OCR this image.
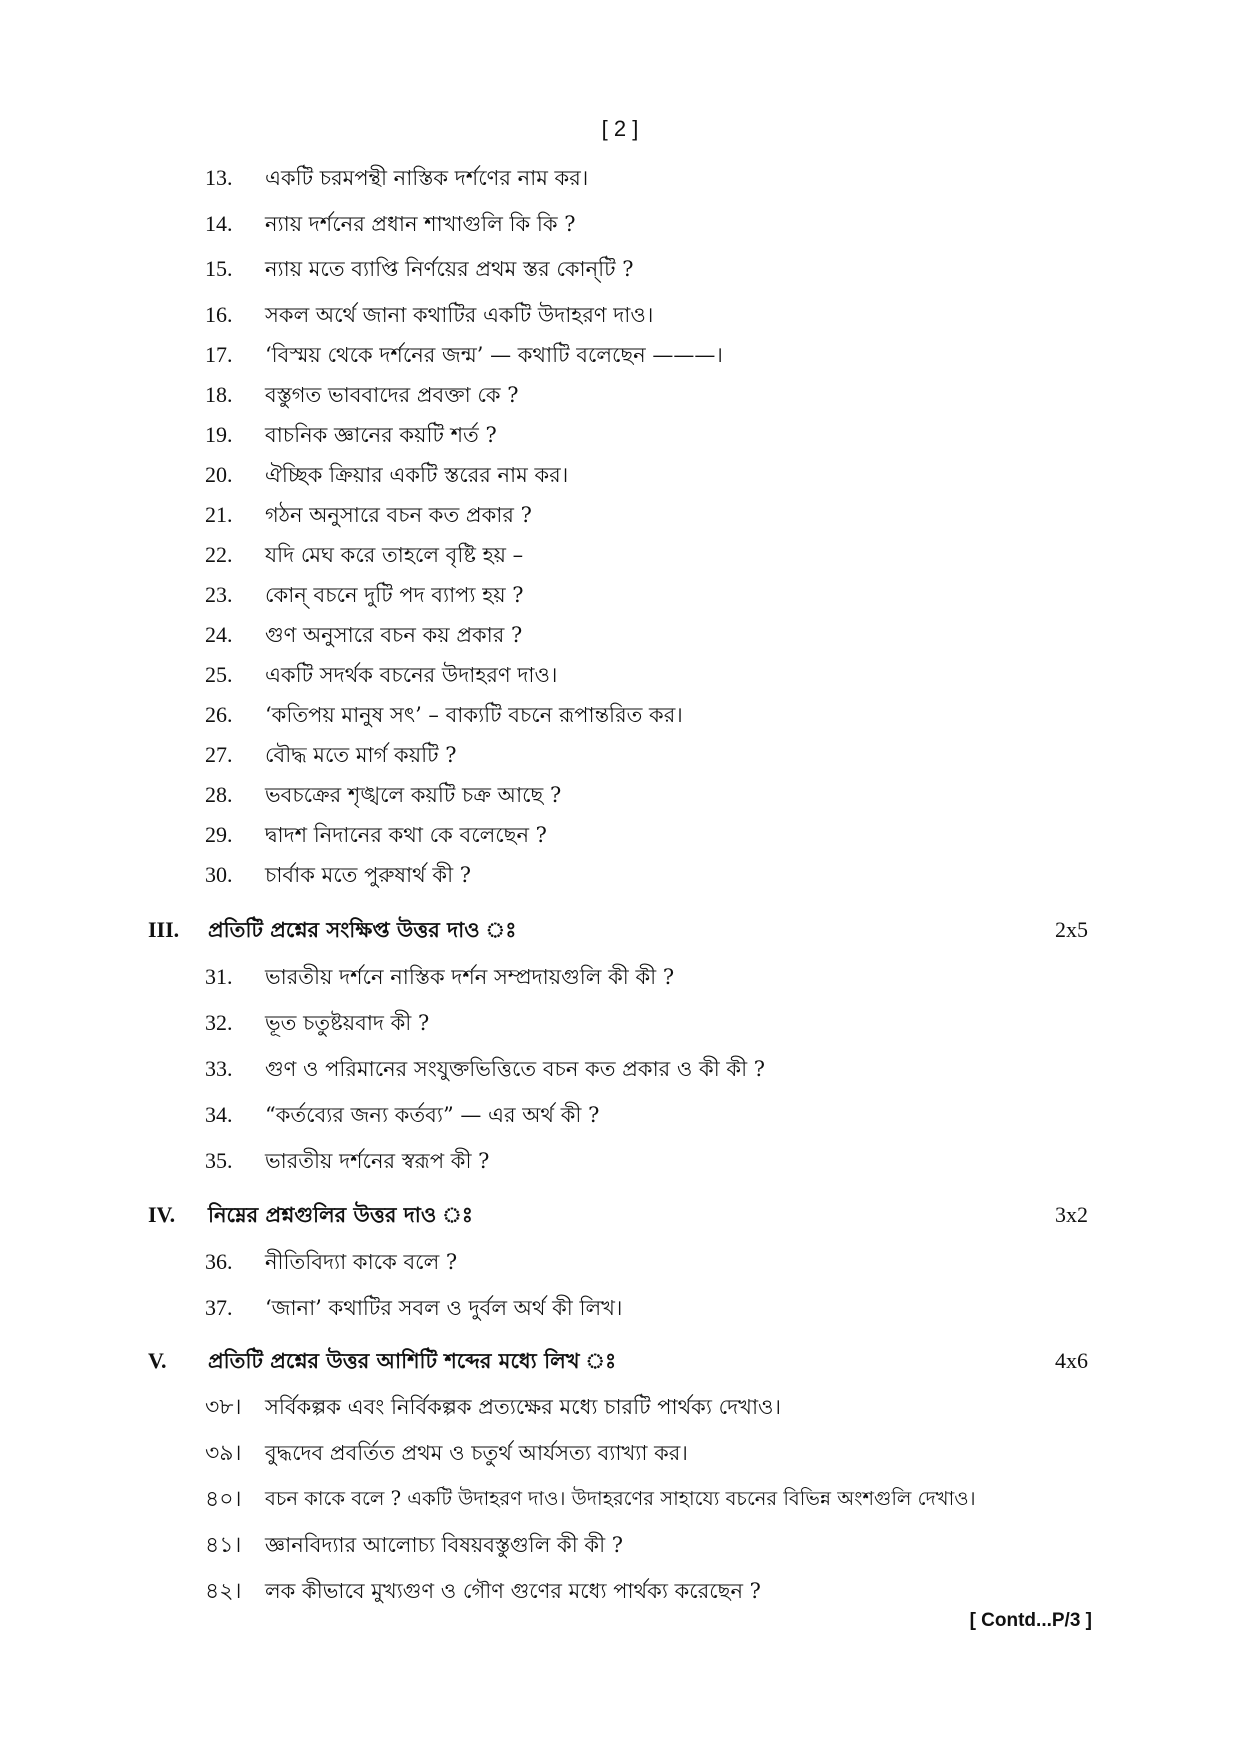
[ 2 ]
13.	একটি চরমপন্থী নাস্তিক দর্শণের নাম কর।
14.	ন্যায় দর্শনের প্রধান শাখাগুলি কি কি ?
15.	ন্যায় মতে ব্যাপ্তি নির্ণয়ের প্রথম স্তর কোন্‌টি ?
16.	সকল অর্থে জানা কথাটির একটি উদাহরণ দাও।
17.	‘বিস্ময় থেকে দর্শনের জন্ম’ — কথাটি বলেছেন ———।
18.	বস্তুগত ভাববাদের প্রবক্তা কে ?
19.	বাচনিক জ্ঞানের কয়টি শর্ত ?
20.	ঐচ্ছিক ক্রিয়ার একটি স্তরের নাম কর।
21.	গঠন অনুসারে বচন কত প্রকার ?
22.	যদি মেঘ করে তাহলে বৃষ্টি হয় –
23.	কোন্‌ বচনে দুটি পদ ব্যাপ্য হয় ?
24.	গুণ অনুসারে বচন কয় প্রকার ?
25.	একটি সদর্থক বচনের উদাহরণ দাও।
26.	‘কতিপয় মানুষ সৎ’ – বাক্যটি বচনে রূপান্তরিত কর।
27.	বৌদ্ধ মতে মার্গ কয়টি ?
28.	ভবচক্রের শৃঙ্খলে কয়টি চক্র আছে ?
29.	দ্বাদশ নিদানের কথা কে বলেছেন ?
30.	চার্বাক মতে পুরুষার্থ কী ?
III. প্রতিটি প্রশ্নের সংক্ষিপ্ত উত্তর দাও ঃ	2x5
31.	ভারতীয় দর্শনে নাস্তিক দর্শন সম্প্রদায়গুলি কী কী ?
32.	ভূত চতুষ্টয়বাদ কী ?
33.	গুণ ও পরিমানের সংযুক্তভিত্তিতে বচন কত প্রকার ও কী কী ?
34.	“কর্তব্যের জন্য কর্তব্য” — এর অর্থ কী ?
35.	ভারতীয় দর্শনের স্বরূপ কী ?
IV. নিম্নের প্রশ্নগুলির উত্তর দাও ঃ	3x2
36.	নীতিবিদ্যা কাকে বলে ?
37.	‘জানা’ কথাটির সবল ও দুর্বল অর্থ কী লিখ।
V. প্রতিটি প্রশ্নের উত্তর আশিটি শব্দের মধ্যে লিখ ঃ	4x6
৩৮।	সর্বিকল্পক এবং নির্বিকল্পক প্রত্যক্ষের মধ্যে চারটি পার্থক্য দেখাও।
৩৯।	বুদ্ধদেব প্রবর্তিত প্রথম ও চতুর্থ আর্যসত্য ব্যাখ্যা কর।
৪০।	বচন কাকে বলে ? একটি উদাহরণ দাও। উদাহরণের সাহায্যে বচনের বিভিন্ন অংশগুলি দেখাও।
৪১।	জ্ঞানবিদ্যার আলোচ্য বিষয়বস্তুগুলি কী কী ?
৪২।	লক কীভাবে মুখ্যগুণ ও গৌণ গুণের মধ্যে পার্থক্য করেছেন ?
[ Contd...P/3 ]
